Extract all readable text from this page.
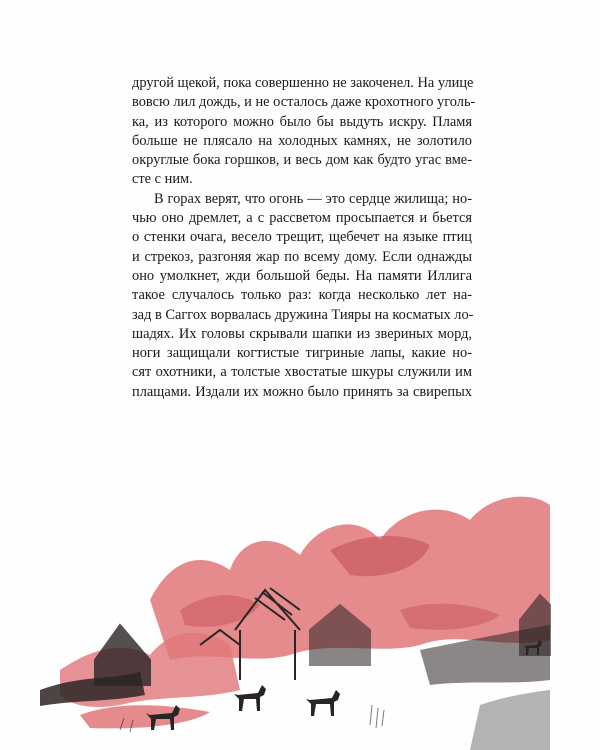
другой щекой, пока совершенно не закоченел. На улице
вовсю лил дождь, и не осталось даже крохотного уголь-
ка, из которого можно было бы выдуть искру. Пламя
больше не плясало на холодных камнях, не золотило
округлые бока горшков, и весь дом как будто угас вме-
сте с ним.
В горах верят, что огонь — это сердце жилища; но-
чью оно дремлет, а с рассветом просыпается и бьется
о стенки очага, весело трещит, щебечет на языке птиц
и стрекоз, разгоняя жар по всему дому. Если однажды
оно умолкнет, жди большой беды. На памяти Иллига
такое случалось только раз: когда несколько лет на-
зад в Саггох ворвалась дружина Тияры на косматых ло-
шадях. Их головы скрывали шапки из звериных морд,
ноги защищали когтистые тигриные лапы, какие но-
сят охотники, а толстые хвостатые шкуры служили им
плащами. Издали их можно было принять за свирепых
